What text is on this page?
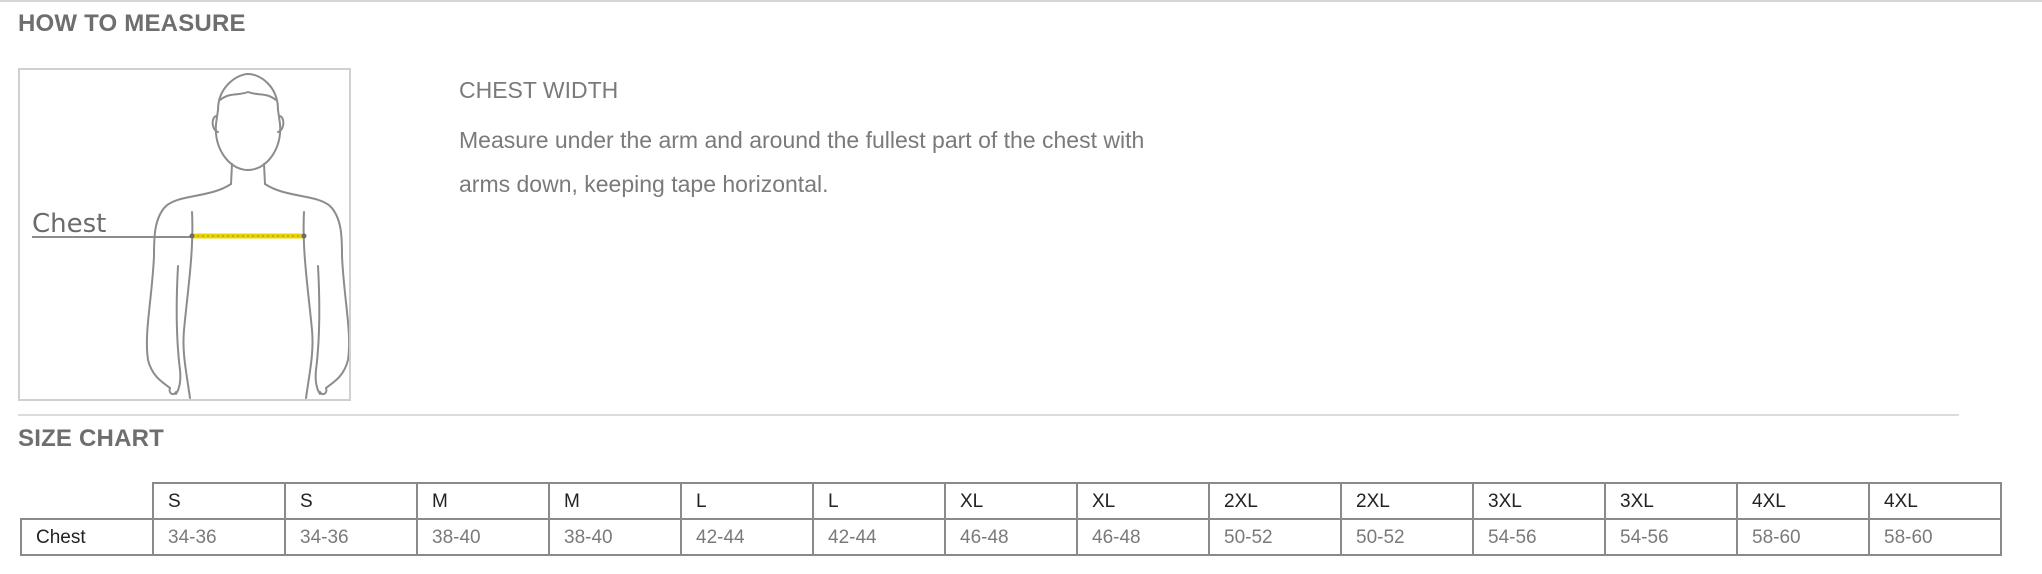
HOW TO MEASURE
Chest

CHEST WIDTH

Measure under the arm and around the fullest part of the chest with arms down, keeping tape horizontal.

SIZE CHART
	S	S	M	M	L	L	XL	XL	2XL	2XL	3XL	3XL	4XL	4XL
Chest	34-36	34-36	38-40	38-40	42-44	42-44	46-48	46-48	50-52	50-52	54-56	54-56	58-60	58-60
